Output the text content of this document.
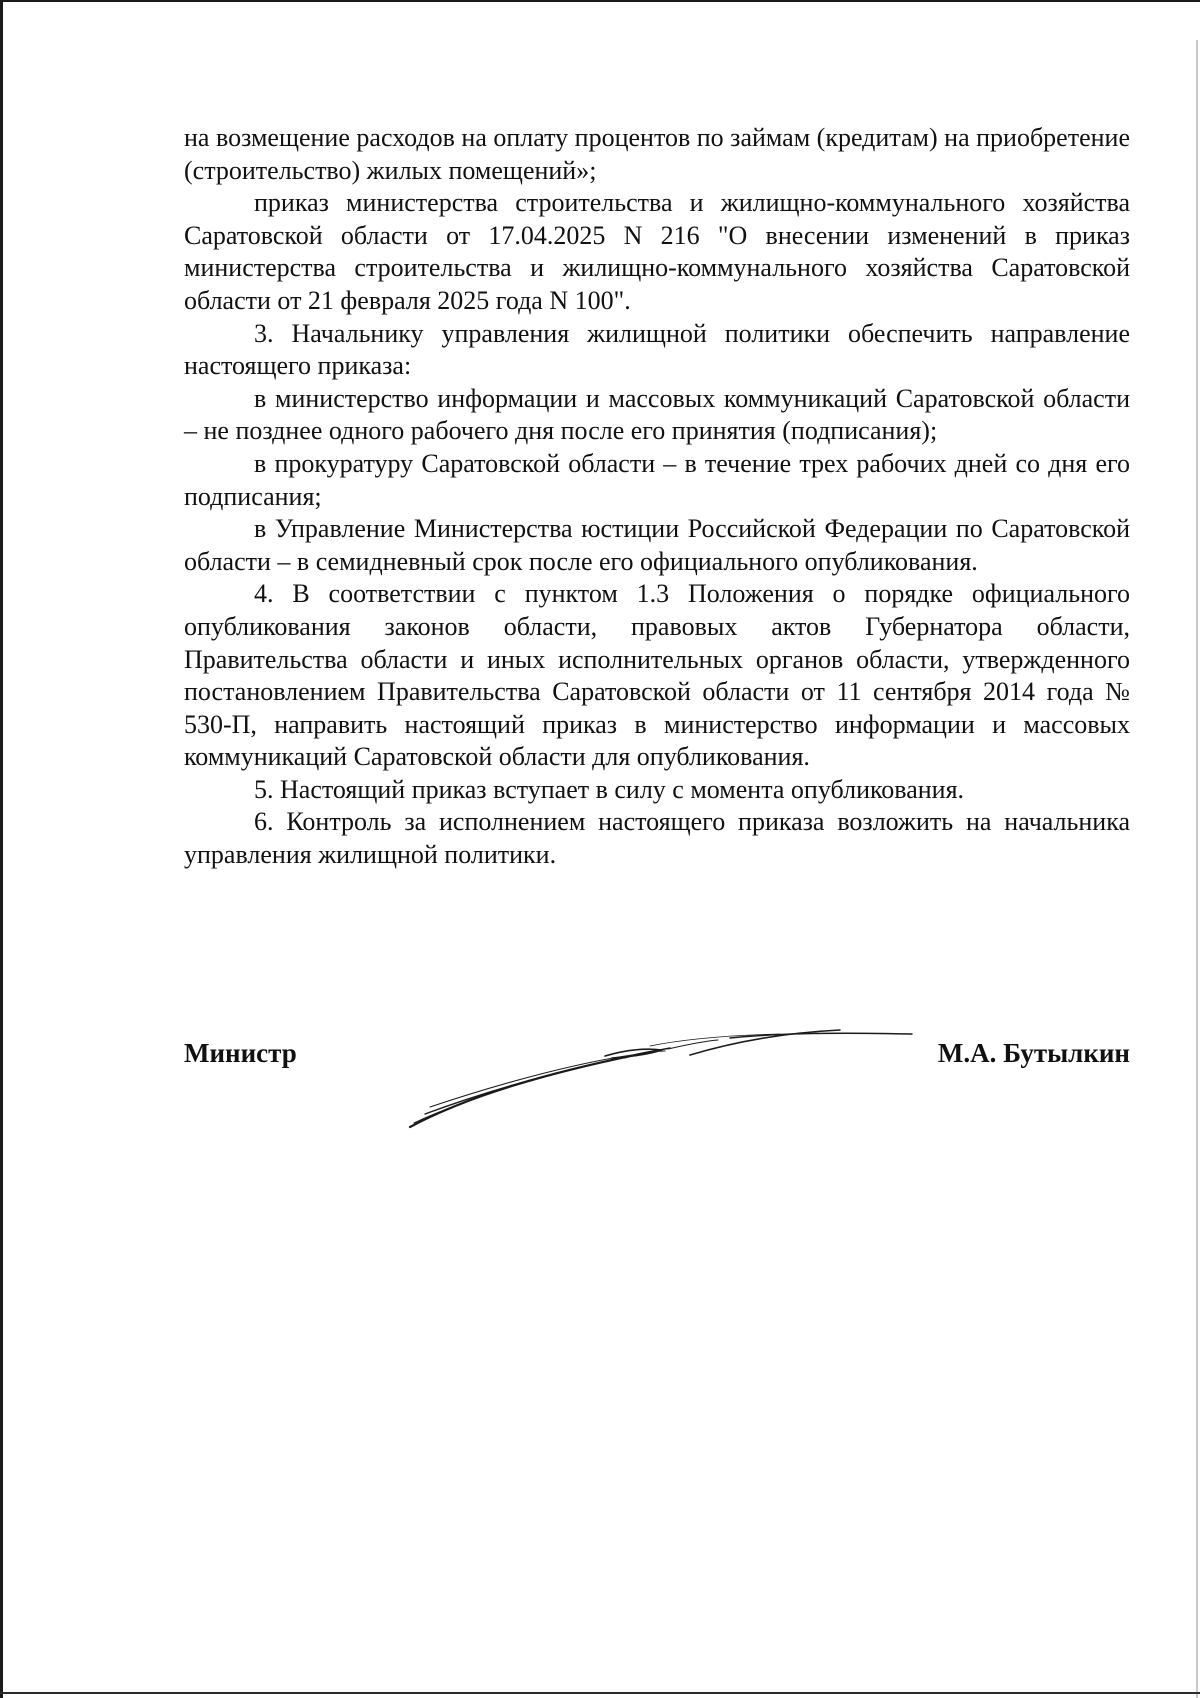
на возмещение расходов на оплату процентов по займам (кредитам) на приобретение (строительство) жилых помещений»;

приказ министерства строительства и жилищно-коммунального хозяйства Саратовской области от 17.04.2025 N 216 "О внесении изменений в приказ министерства строительства и жилищно-коммунального хозяйства Саратовской области от 21 февраля 2025 года N 100".

3. Начальнику управления жилищной политики обеспечить направление настоящего приказа:

в министерство информации и массовых коммуникаций Саратовской области – не позднее одного рабочего дня после его принятия (подписания);

в прокуратуру Саратовской области – в течение трех рабочих дней со дня его подписания;

в Управление Министерства юстиции Российской Федерации по Саратовской области – в семидневный срок после его официального опубликования.

4. В соответствии с пунктом 1.3 Положения о порядке официального опубликования законов области, правовых актов Губернатора области, Правительства области и иных исполнительных органов области, утвержденного постановлением Правительства Саратовской области от 11 сентября 2014 года № 530-П, направить настоящий приказ в министерство информации и массовых коммуникаций Саратовской области для опубликования.

5. Настоящий приказ вступает в силу с момента опубликования.

6. Контроль за исполнением настоящего приказа возложить на начальника управления жилищной политики.

Министр	М.А. Бутылкин
